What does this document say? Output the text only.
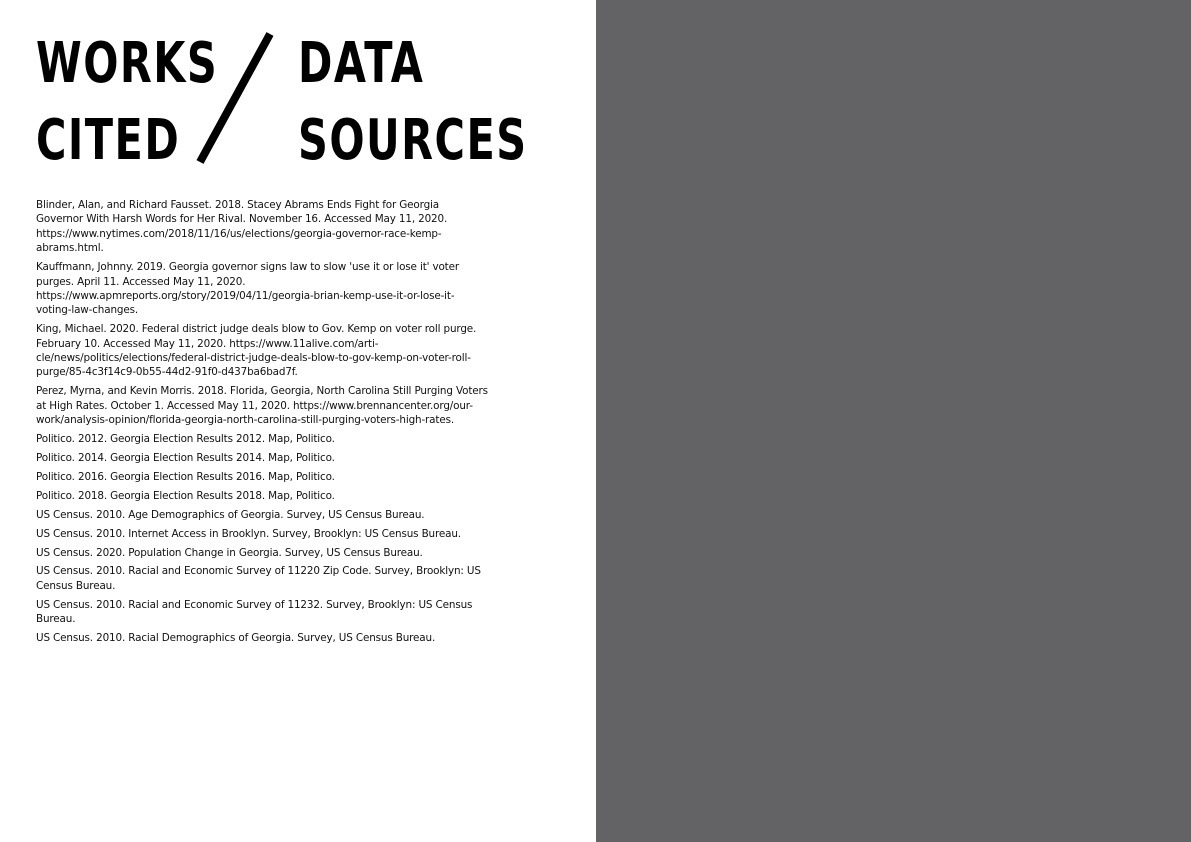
WORKS
CITED
DATA
SOURCES
Blinder, Alan, and Richard Fausset. 2018. Stacey Abrams Ends Fight for Georgia Governor With Harsh Words for Her Rival. November 16. Accessed May 11, 2020. https://www.nytimes.com/2018/11/16/us/elections/georgia-governor-race-kemp-abrams.html.
Kauffmann, Johnny. 2019. Georgia governor signs law to slow 'use it or lose it' voter purges. April 11. Accessed May 11, 2020. https://www.apmreports.org/story/2019/04/11/georgia-brian-kemp-use-it-or-lose-it-voting-law-changes.
King, Michael. 2020. Federal district judge deals blow to Gov. Kemp on voter roll purge. February 10. Accessed May 11, 2020. https://www.11alive.com/article/news/politics/elections/federal-district-judge-deals-blow-to-gov-kemp-on-voter-roll-purge/85-4c3f14c9-0b55-44d2-91f0-d437ba6bad7f.
Perez, Myrna, and Kevin Morris. 2018. Florida, Georgia, North Carolina Still Purging Voters at High Rates. October 1. Accessed May 11, 2020. https://www.brennancenter.org/our-work/analysis-opinion/florida-georgia-north-carolina-still-purging-voters-high-rates.
Politico. 2012. Georgia Election Results 2012. Map, Politico.
Politico. 2014. Georgia Election Results 2014. Map, Politico.
Politico. 2016. Georgia Election Results 2016. Map, Politico.
Politico. 2018. Georgia Election Results 2018. Map, Politico.
US Census. 2010. Age Demographics of Georgia. Survey, US Census Bureau.
US Census. 2010. Internet Access in Brooklyn. Survey, Brooklyn: US Census Bureau.
US Census. 2020. Population Change in Georgia. Survey, US Census Bureau.
US Census. 2010. Racial and Economic Survey of 11220 Zip Code. Survey, Brooklyn: US Census Bureau.
US Census. 2010. Racial and Economic Survey of 11232. Survey, Brooklyn: US Census Bureau.
US Census. 2010. Racial Demographics of Georgia. Survey, US Census Bureau.
